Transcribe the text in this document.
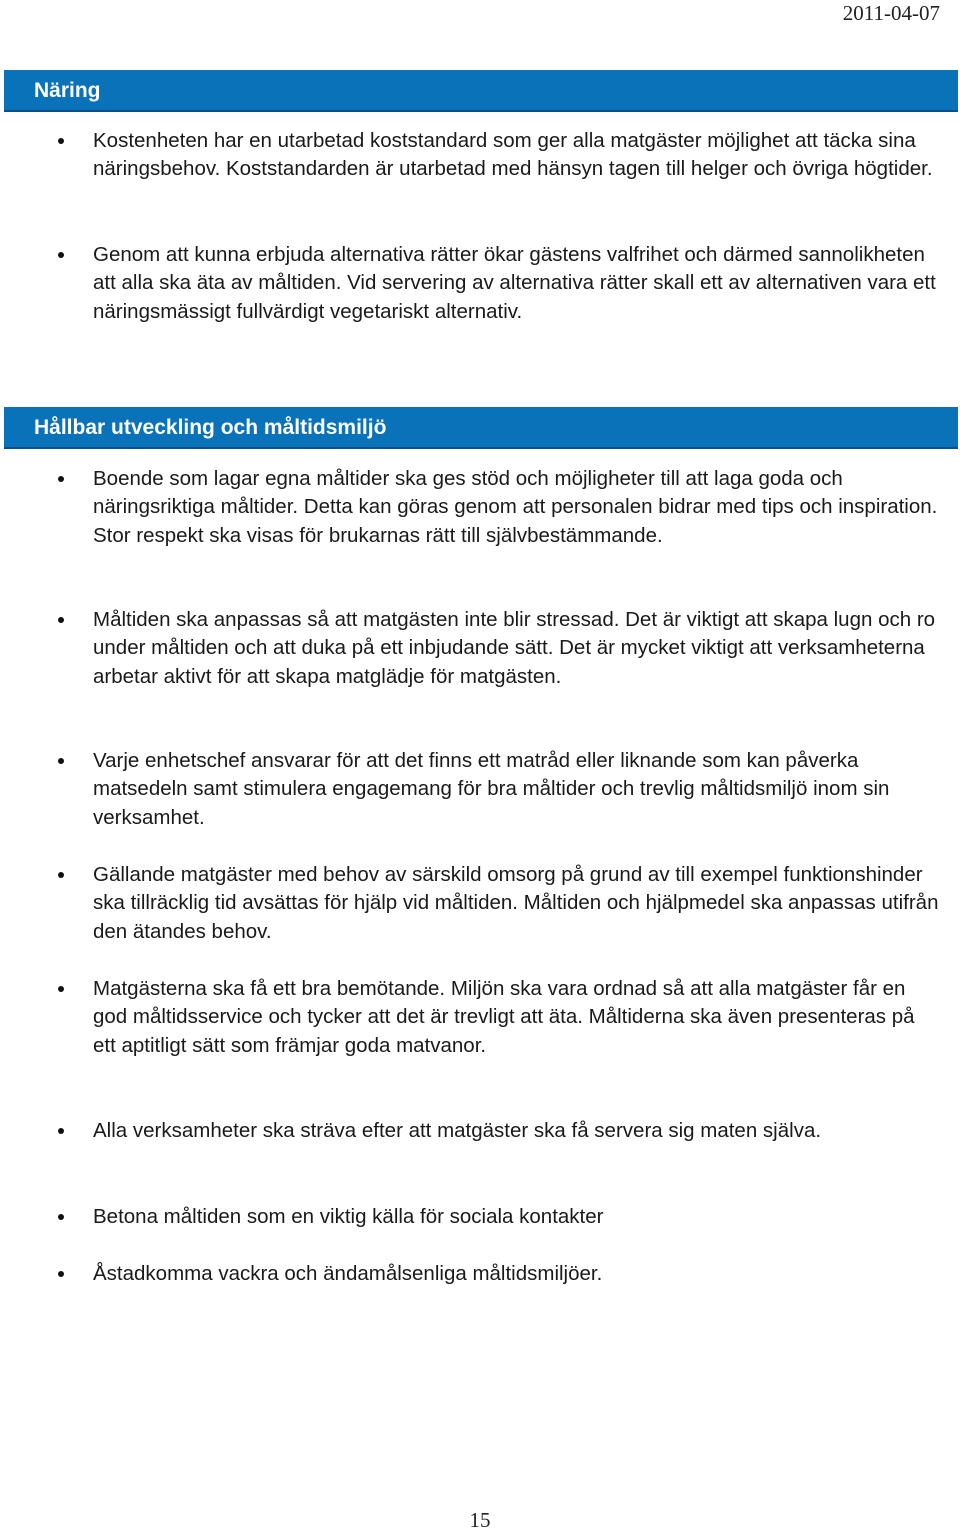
2011-04-07
Näring
Kostenheten har en utarbetad koststandard som ger alla matgäster möjlighet att täcka sina näringsbehov. Koststandarden är utarbetad med hänsyn tagen till helger och övriga högtider.
Genom att kunna erbjuda alternativa rätter ökar gästens valfrihet och därmed sannolikheten att alla ska äta av måltiden. Vid servering av alternativa rätter skall ett av alternativen vara ett näringsmässigt fullvärdigt vegetariskt alternativ.
Hållbar utveckling och måltidsmiljö
Boende som lagar egna måltider ska ges stöd och möjligheter till att laga goda och näringsriktiga måltider. Detta kan göras genom att personalen bidrar med tips och inspiration. Stor respekt ska visas för brukarnas rätt till självbestämmande.
Måltiden ska anpassas så att matgästen inte blir stressad. Det är viktigt att skapa lugn och ro under måltiden och att duka på ett inbjudande sätt. Det är mycket viktigt att verksamheterna arbetar aktivt för att skapa matglädje för matgästen.
Varje enhetschef ansvarar för att det finns ett matråd eller liknande som kan påverka matsedeln samt stimulera engagemang för bra måltider och trevlig måltidsmiljö inom sin verksamhet.
Gällande matgäster med behov av särskild omsorg på grund av till exempel funktionshinder ska tillräcklig tid avsättas för hjälp vid måltiden. Måltiden och hjälpmedel ska anpassas utifrån den ätandes behov.
Matgästerna ska få ett bra bemötande. Miljön ska vara ordnad så att alla matgäster får en god måltidsservice och tycker att det är trevligt att äta. Måltiderna ska även presenteras på ett aptitligt sätt som främjar goda matvanor.
Alla verksamheter ska sträva efter att matgäster ska få servera sig maten själva.
Betona måltiden som en viktig källa för sociala kontakter
Åstadkomma vackra och ändamålsenliga måltidsmiljöer.
15
